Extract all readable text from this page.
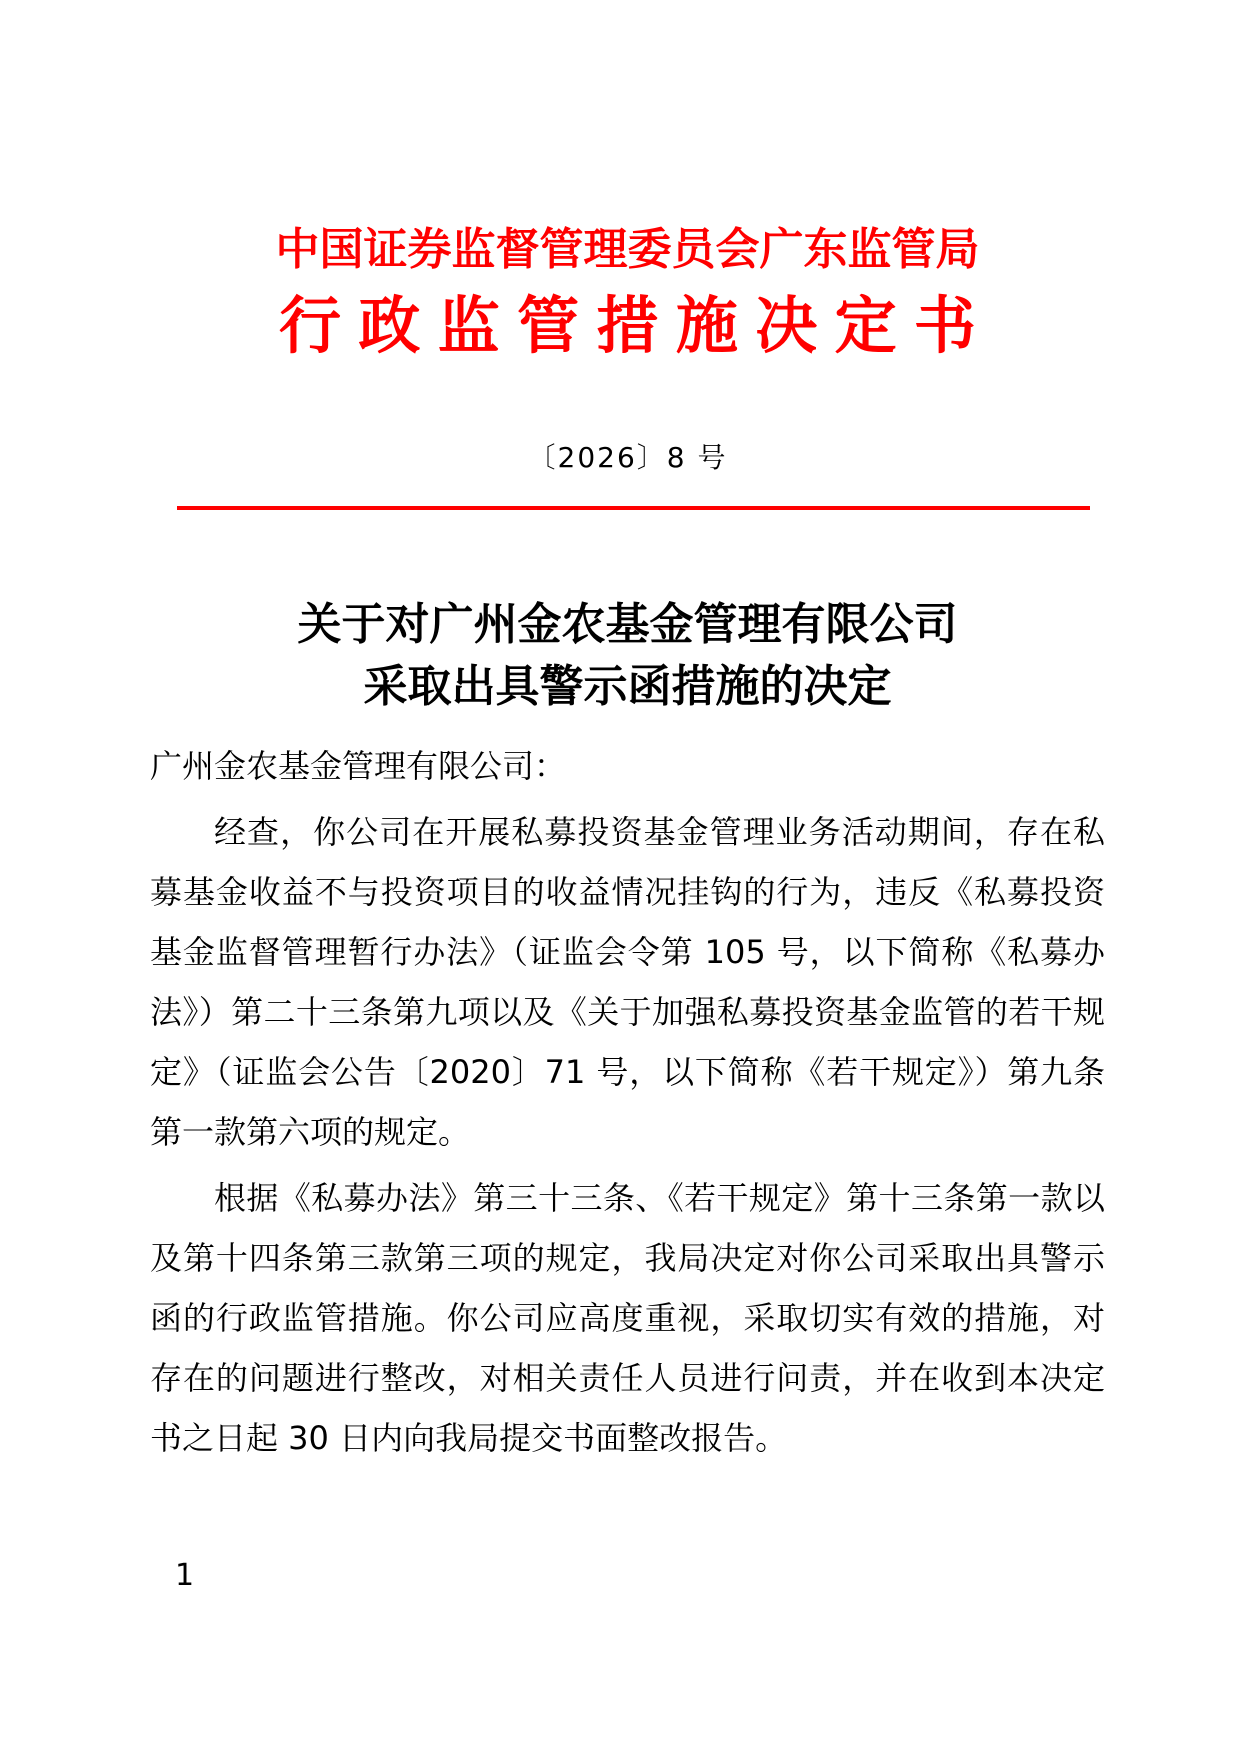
中国证券监督管理委员会广东监管局
行政监管措施决定书
〔2026〕8 号
关于对广州金农基金管理有限公司
采取出具警示函措施的决定

广州金农基金管理有限公司：

经查，你公司在开展私募投资基金管理业务活动期间，存在私募基金收益不与投资项目的收益情况挂钩的行为，违反《私募投资基金监督管理暂行办法》（证监会令第 105 号，以下简称《私募办法》）第二十三条第九项以及《关于加强私募投资基金监管的若干规定》（证监会公告〔2020〕71 号，以下简称《若干规定》）第九条第一款第六项的规定。

根据《私募办法》第三十三条、《若干规定》第十三条第一款以及第十四条第三款第三项的规定，我局决定对你公司采取出具警示函的行政监管措施。你公司应高度重视，采取切实有效的措施，对存在的问题进行整改，对相关责任人员进行问责，并在收到本决定书之日起 30 日内向我局提交书面整改报告。

1
